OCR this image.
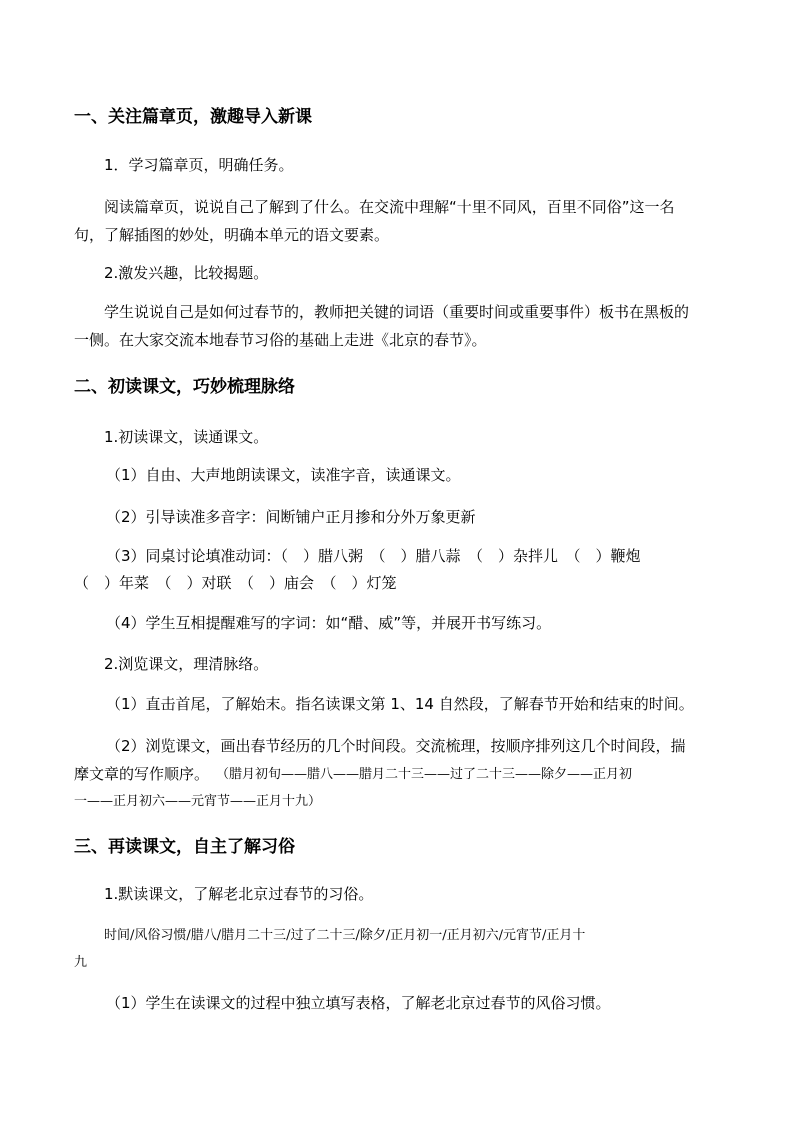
一、关注篇章页，激趣导入新课
1．学习篇章页，明确任务。
阅读篇章页，说说自己了解到了什么。在交流中理解“十里不同风，百里不同俗”这一名
句，了解插图的妙处，明确本单元的语文要素。
2.激发兴趣，比较揭题。
学生说说自己是如何过春节的，教师把关键的词语（重要时间或重要事件）板书在黑板的
一侧。在大家交流本地春节习俗的基础上走进《北京的春节》。
二、初读课文，巧妙梳理脉络
1.初读课文，读通课文。
（1）自由、大声地朗读课文，读准字音，读通课文。
（2）引导读准多音字：间断铺户正月掺和分外万象更新
（3）同桌讨论填准动词：（　）腊八粥　（　）腊八蒜　（　）杂拌儿　（　）鞭炮
（　）年菜　（　）对联　（　）庙会　（　）灯笼
（4）学生互相提醒难写的字词：如“醋、威”等，并展开书写练习。
2.浏览课文，理清脉络。
（1）直击首尾，了解始末。指名读课文第 1、14 自然段，了解春节开始和结束的时间。
（2）浏览课文，画出春节经历的几个时间段。交流梳理，按顺序排列这几个时间段，揣
摩文章的写作顺序。 （腊月初旬——腊八——腊月二十三——过了二十三——除夕——正月初
一——正月初六——元宵节——正月十九）
三、再读课文，自主了解习俗
1.默读课文，了解老北京过春节的习俗。
时间/风俗习惯/腊八/腊月二十三/过了二十三/除夕/正月初一/正月初六/元宵节/正月十
九
（1）学生在读课文的过程中独立填写表格，了解老北京过春节的风俗习惯。
